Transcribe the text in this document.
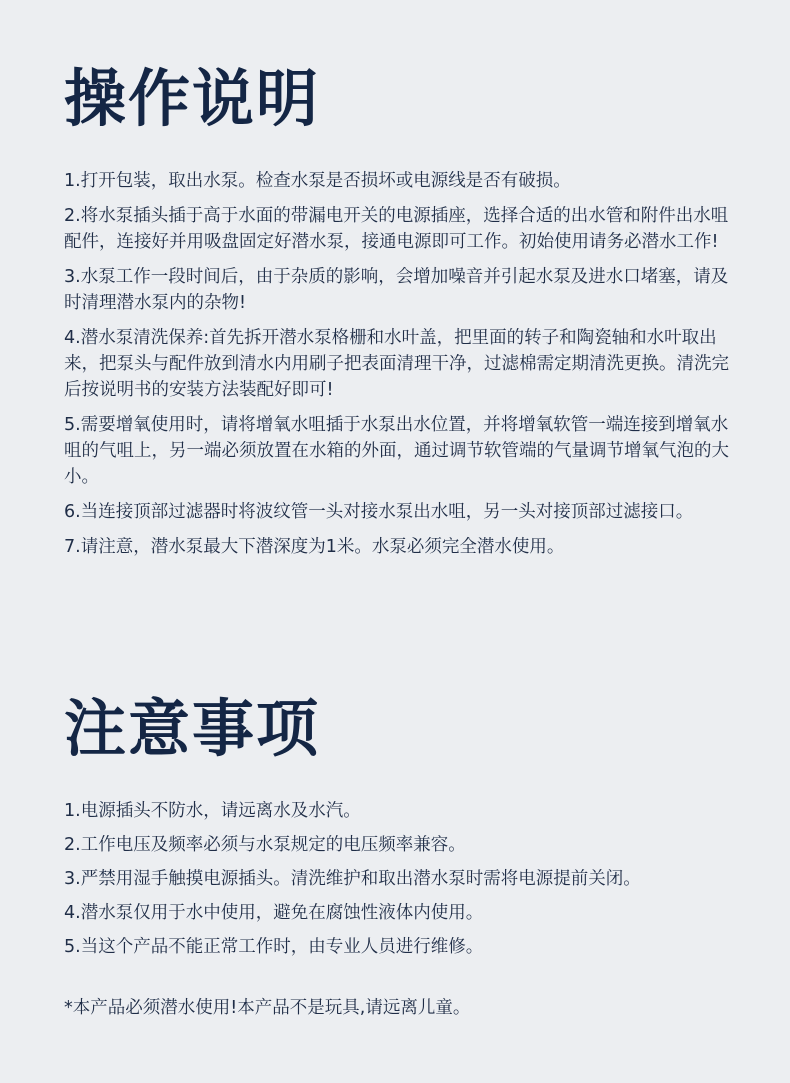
操作说明
1.打开包装，取出水泵。检查水泵是否损坏或电源线是否有破损。
2.将水泵插头插于高于水面的带漏电开关的电源插座，选择合适的出水管和附件出水咀配件，连接好并用吸盘固定好潜水泵，接通电源即可工作。初始使用请务必潜水工作!
3.水泵工作一段时间后，由于杂质的影响，会增加噪音并引起水泵及进水口堵塞，请及时清理潜水泵内的杂物!
4.潜水泵清洗保养:首先拆开潜水泵格栅和水叶盖，把里面的转子和陶瓷轴和水叶取出来，把泵头与配件放到清水内用刷子把表面清理干净，过滤棉需定期清洗更换。清洗完后按说明书的安装方法装配好即可!
5.需要增氧使用时，请将增氧水咀插于水泵出水位置，并将增氧软管一端连接到增氧水咀的气咀上，另一端必须放置在水箱的外面，通过调节软管端的气量调节增氧气泡的大小。
6.当连接顶部过滤器时将波纹管一头对接水泵出水咀，另一头对接顶部过滤接口。
7.请注意，潜水泵最大下潜深度为1米。水泵必须完全潜水使用。
注意事项
1.电源插头不防水，请远离水及水汽。
2.工作电压及频率必须与水泵规定的电压频率兼容。
3.严禁用湿手触摸电源插头。清洗维护和取出潜水泵时需将电源提前关闭。
4.潜水泵仅用于水中使用，避免在腐蚀性液体内使用。
5.当这个产品不能正常工作时，由专业人员进行维修。

*本产品必须潜水使用!本产品不是玩具,请远离儿童。
